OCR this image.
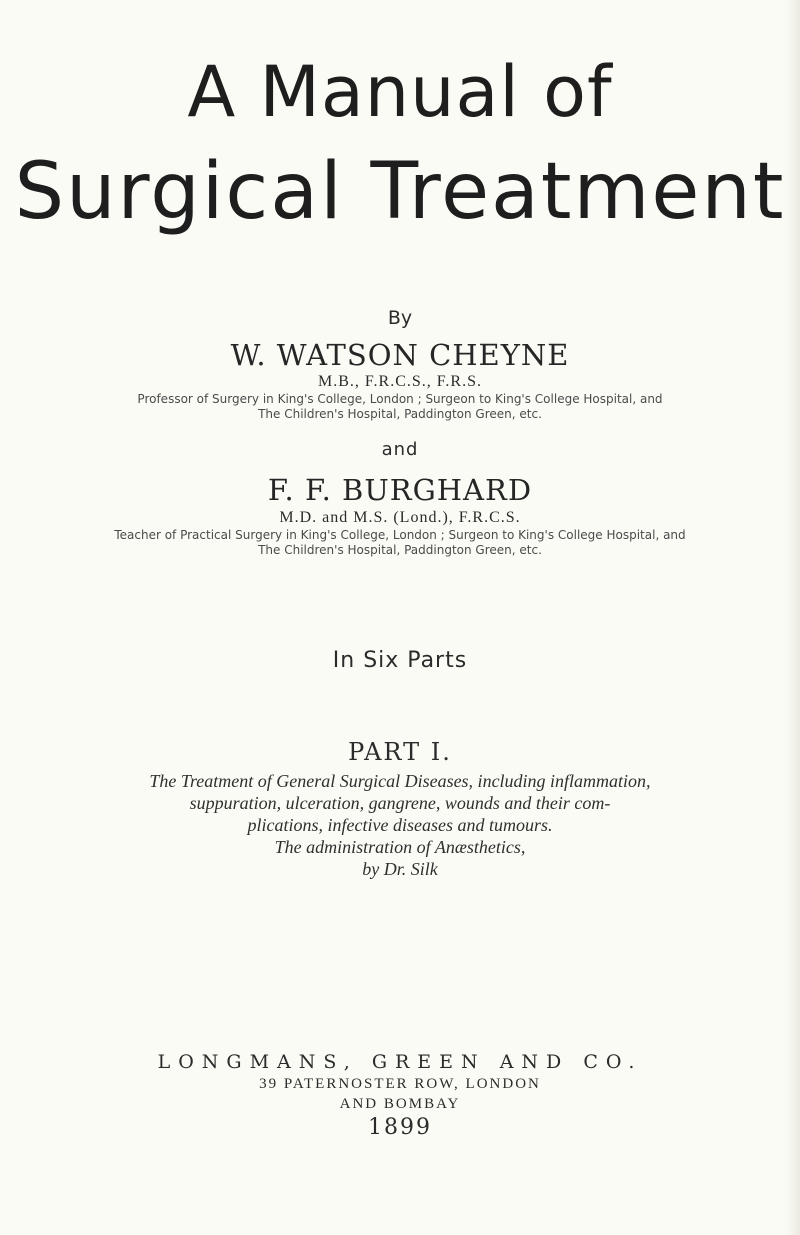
A Manual of
Surgical Treatment
By
W. WATSON CHEYNE
M.B., F.R.C.S., F.R.S.
Professor of Surgery in King's College, London ; Surgeon to King's College Hospital, and
The Children's Hospital, Paddington Green, etc.
and
F. F. BURGHARD
M.D. and M.S. (Lond.), F.R.C.S.
Teacher of Practical Surgery in King's College, London ; Surgeon to King's College Hospital, and
The Children's Hospital, Paddington Green, etc.
In Six Parts
PART I.
The Treatment of General Surgical Diseases, including inflammation,
suppuration, ulceration, gangrene, wounds and their com-
plications, infective diseases and tumours.
The administration of Anæsthetics,
by Dr. Silk
LONGMANS, GREEN AND CO.
39 PATERNOSTER ROW, LONDON
AND BOMBAY
1899
